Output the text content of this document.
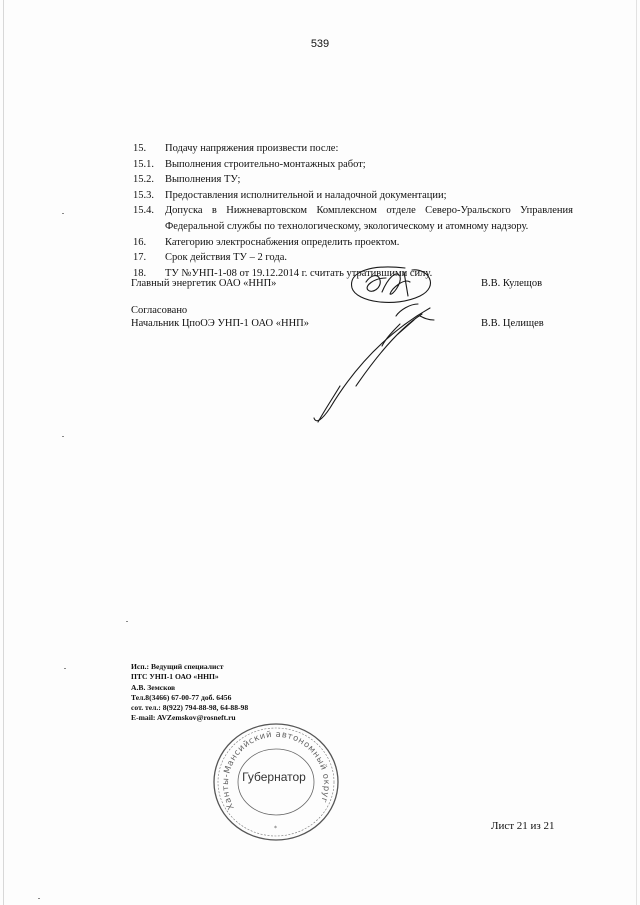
539
15.	Подачу напряжения произвести после:
15.1.	Выполнения строительно-монтажных работ;
15.2.	Выполнения ТУ;
15.3.	Предоставления исполнительной и наладочной документации;
15.4.	Допуска в Нижневартовском Комплексном отделе Северо-Уральского Управления
Федеральной службы по технологическому, экологическому и атомному надзору.
16.	Категорию электроснабжения определить проектом.
17.	Срок действия ТУ – 2 года.
18.	ТУ №УНП-1-08 от 19.12.2014 г. считать утратившими силу.
Главный энергетик ОАО «ННП»	В.В. Кулещов
Согласовано
Начальник ЦпоОЭ УНП-1 ОАО «ННП»	В.В. Целищев
Исп.: Ведущий специалист
ПТС УНП-1 ОАО «ННП»
А.В. Земсков
Тел.8(3466) 67-00-77 доб. 6456
сот. тел.: 8(922) 794-88-98, 64-88-98
E-mail: AVZemskov@rosneft.ru
Ханты-Мансийский автономный округ
*
Губернатор
Лист 21 из 21
